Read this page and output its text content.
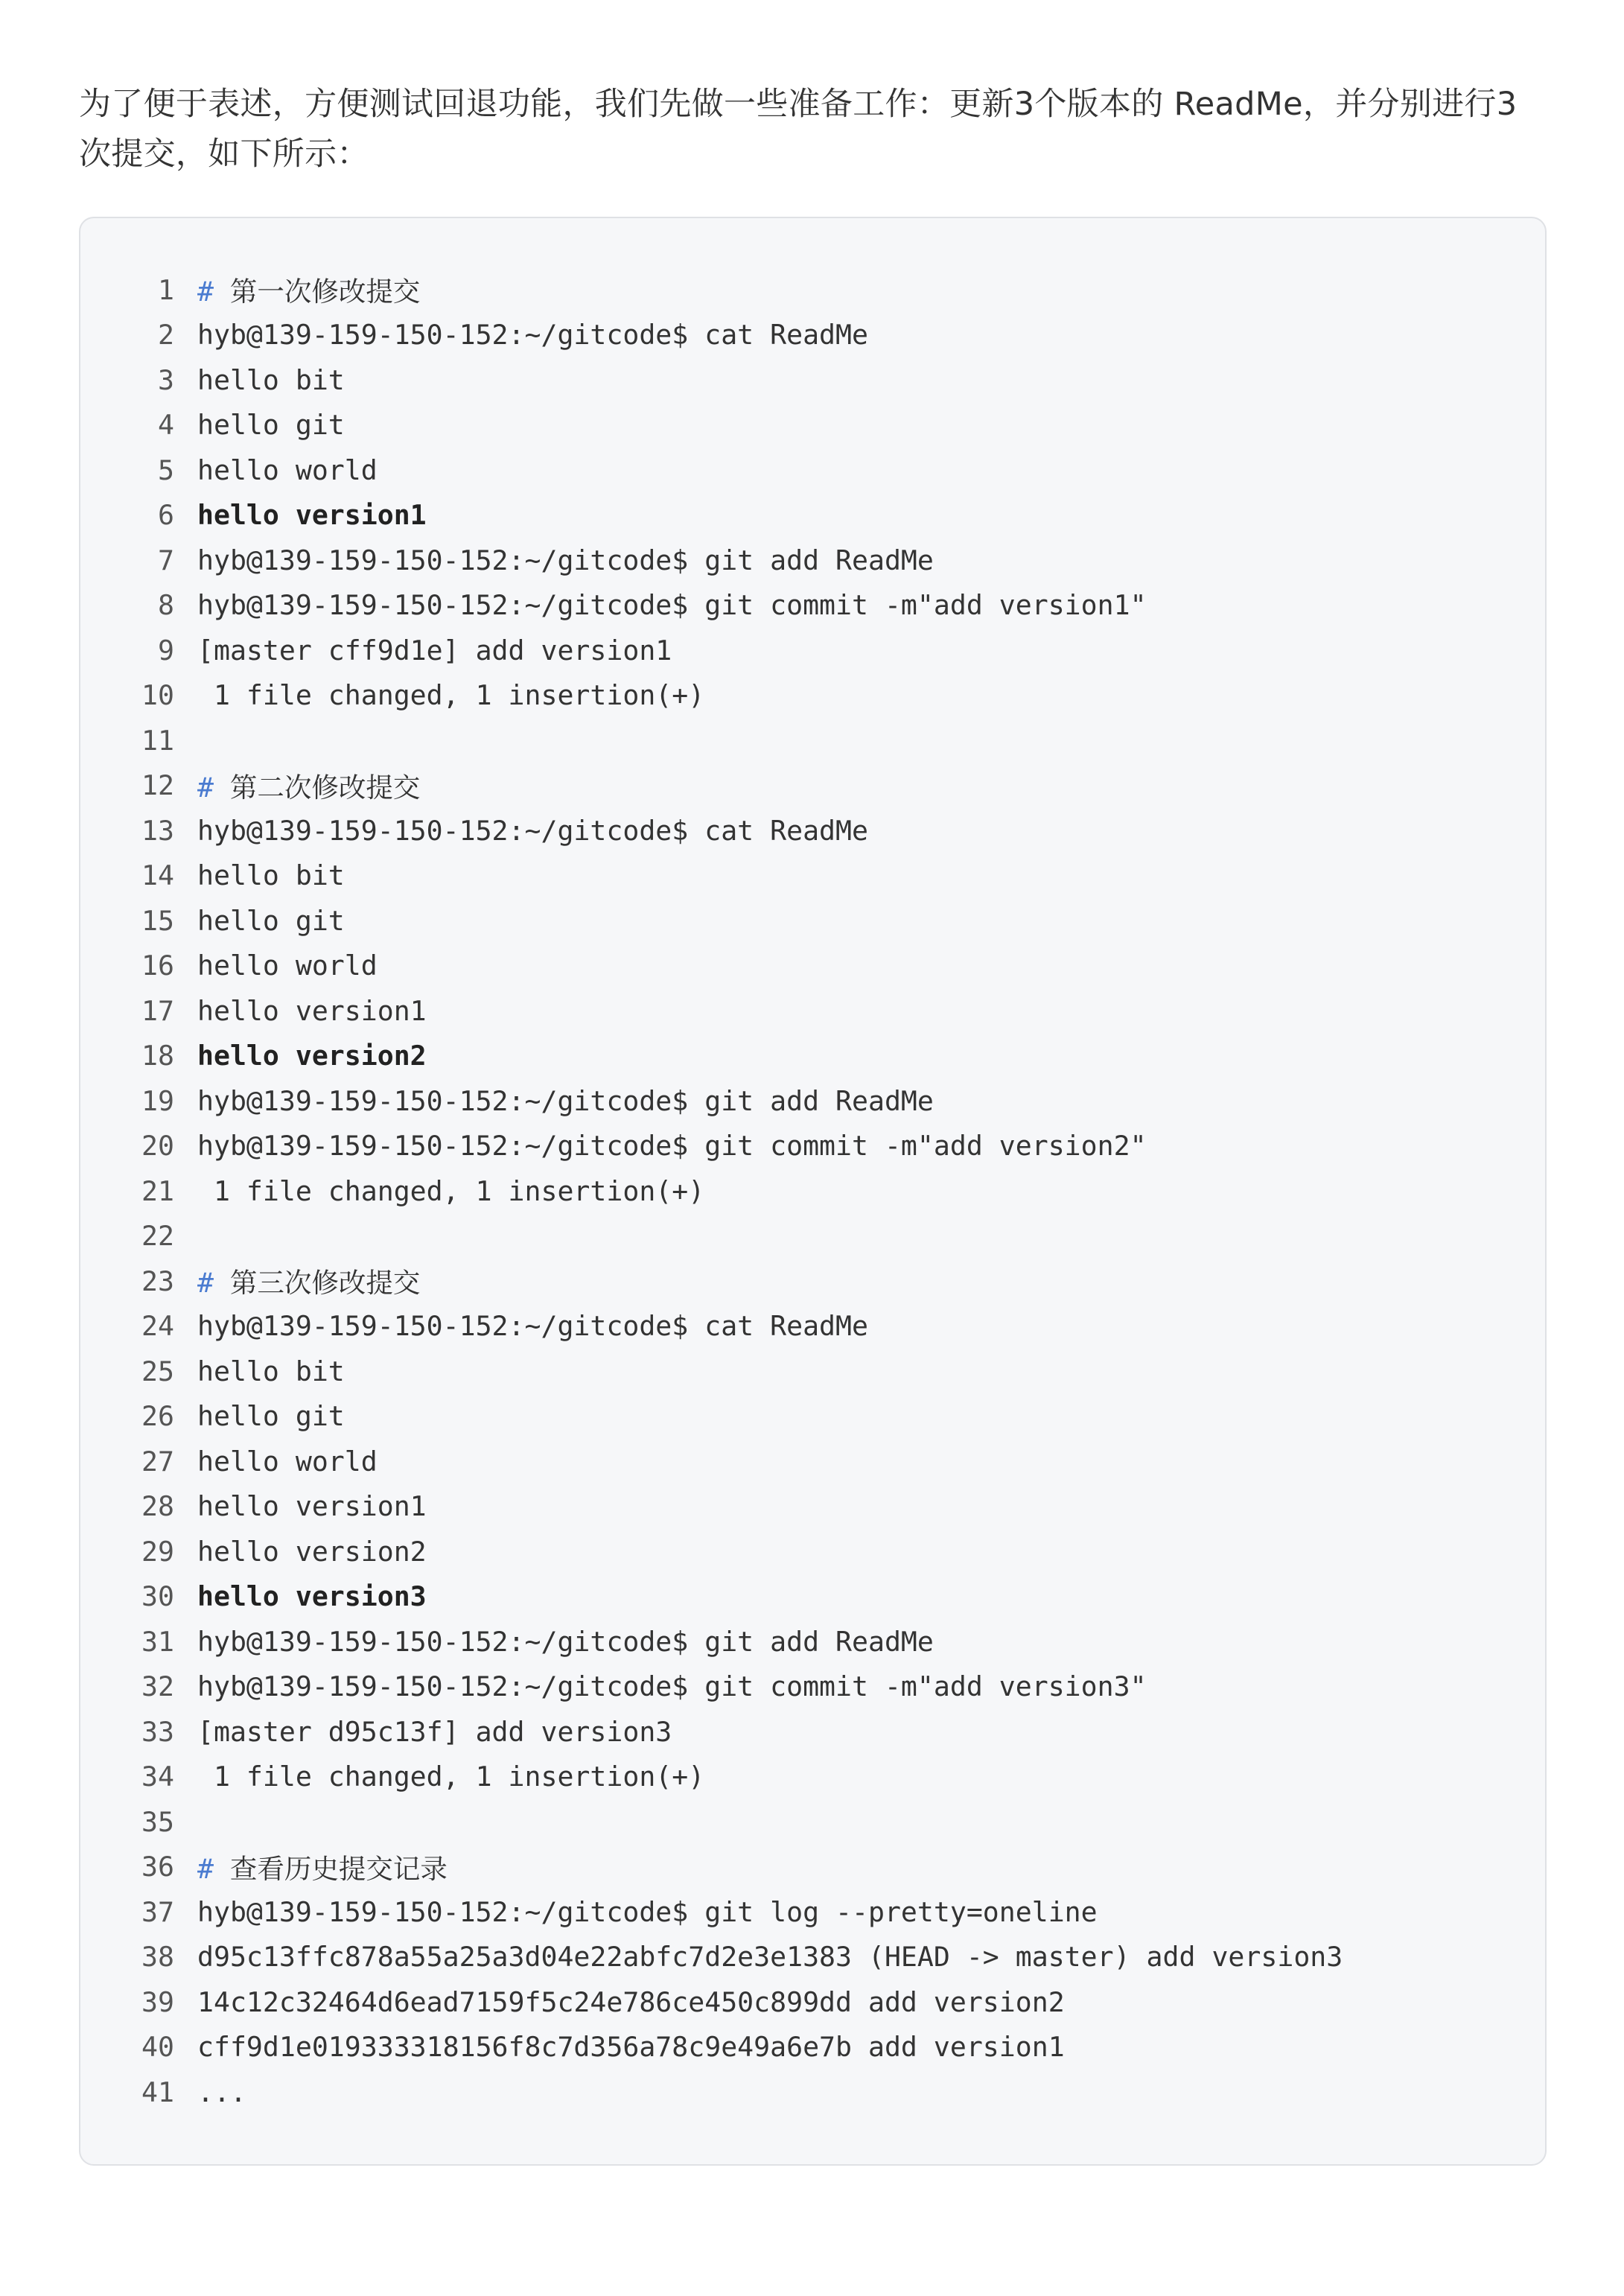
为了便于表述，方便测试回退功能，我们先做一些准备工作：更新3个版本的 ReadMe，并分别进行3次提交，如下所示：

1 # 第一次修改提交
2 hyb@139-159-150-152:~/gitcode$ cat ReadMe
3 hello bit
4 hello git
5 hello world
6 hello version1
7 hyb@139-159-150-152:~/gitcode$ git add ReadMe
8 hyb@139-159-150-152:~/gitcode$ git commit -m"add version1"
9 [master cff9d1e] add version1
10 1 file changed, 1 insertion(+)
11
12 # 第二次修改提交
13 hyb@139-159-150-152:~/gitcode$ cat ReadMe
14 hello bit
15 hello git
16 hello world
17 hello version1
18 hello version2
19 hyb@139-159-150-152:~/gitcode$ git add ReadMe
20 hyb@139-159-150-152:~/gitcode$ git commit -m"add version2"
21 1 file changed, 1 insertion(+)
22
23 # 第三次修改提交
24 hyb@139-159-150-152:~/gitcode$ cat ReadMe
25 hello bit
26 hello git
27 hello world
28 hello version1
29 hello version2
30 hello version3
31 hyb@139-159-150-152:~/gitcode$ git add ReadMe
32 hyb@139-159-150-152:~/gitcode$ git commit -m"add version3"
33 [master d95c13f] add version3
34 1 file changed, 1 insertion(+)
35
36 # 查看历史提交记录
37 hyb@139-159-150-152:~/gitcode$ git log --pretty=oneline
38 d95c13ffc878a55a25a3d04e22abfc7d2e3e1383 (HEAD -> master) add version3
39 14c12c32464d6ead7159f5c24e786ce450c899dd add version2
40 cff9d1e019333318156f8c7d356a78c9e49a6e7b add version1
41 ...
